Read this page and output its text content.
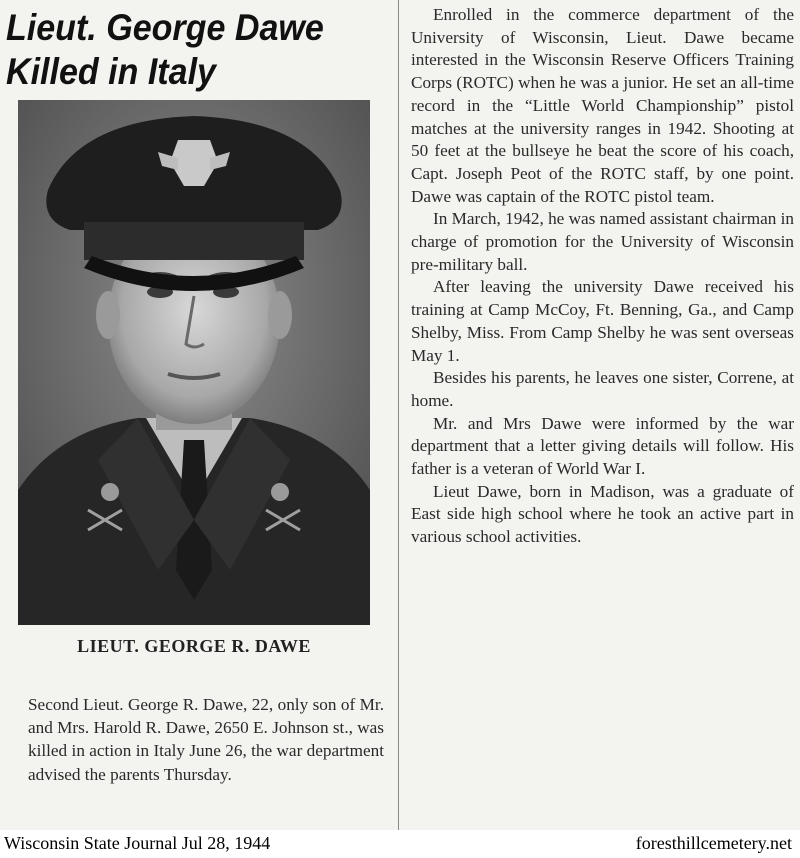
Lieut. George Dawe
Killed in Italy
LIEUT. GEORGE R. DAWE

Second Lieut. George R. Dawe, 22, only son of Mr. and Mrs. Harold R. Dawe, 2650 E. Johnson st., was killed in action in Italy June 26, the war department advised the parents Thursday.

Enrolled in the commerce department of the University of Wisconsin, Lieut. Dawe became interested in the Wisconsin Reserve Officers Training Corps (ROTC) when he was a junior. He set an all-time record in the “Little World Championship” pistol matches at the university ranges in 1942. Shooting at 50 feet at the bullseye he beat the score of his coach, Capt. Joseph Peot of the ROTC staff, by one point. Dawe was captain of the ROTC pistol team.

In March, 1942, he was named assistant chairman in charge of promotion for the University of Wisconsin pre-military ball.

After leaving the university Dawe received his training at Camp McCoy, Ft. Benning, Ga., and Camp Shelby, Miss. From Camp Shelby he was sent overseas May 1.

Besides his parents, he leaves one sister, Correne, at home.

Mr. and Mrs Dawe were informed by the war department that a letter giving details will follow. His father is a veteran of World War I.

Lieut Dawe, born in Madison, was a graduate of East side high school where he took an active part in various school activities.

Wisconsin State Journal Jul 28, 1944	foresthillcemetery.net
